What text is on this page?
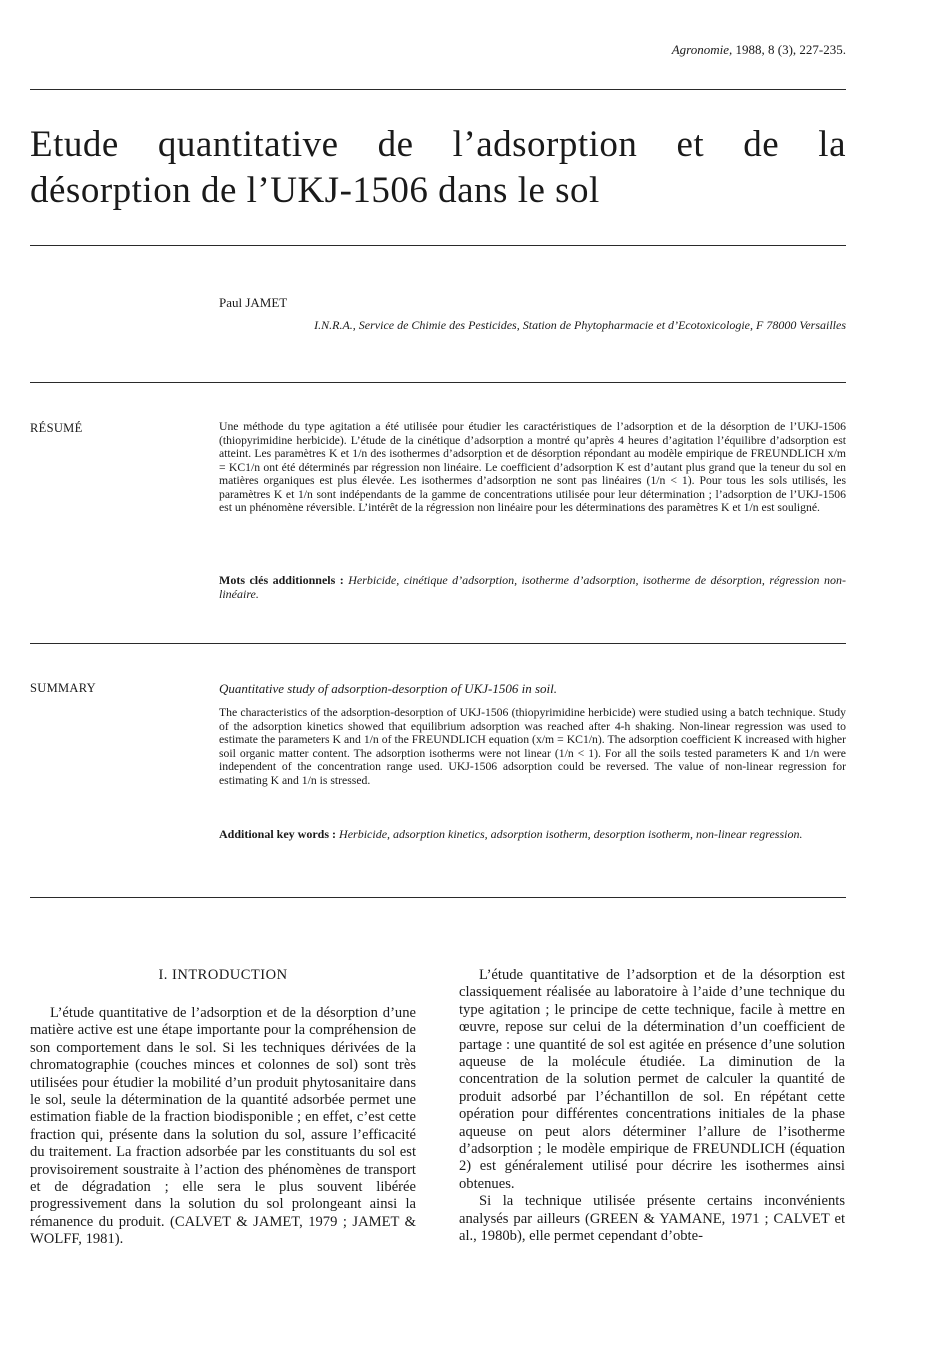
Agronomie, 1988, 8 (3), 227-235.
Etude quantitative de l’adsorption et de la
désorption de l’UKJ-1506 dans le sol
Paul JAMET
I.N.R.A., Service de Chimie des Pesticides, Station de Phytopharmacie et d’Ecotoxicologie, F 78000 Versailles
RÉSUMÉ	Une méthode du type agitation a été utilisée pour étudier les caractéristiques de l’adsorption et de la désorption de l’UKJ-1506 (thiopyrimidine herbicide). L’étude de la cinétique d’adsorption a montré qu’après 4 heures d’agitation l’équilibre d’adsorption est atteint. Les paramètres K et 1/n des isothermes d’adsorption et de désorption répondant au modèle empirique de FREUNDLICH x/m = KC1/n ont été déterminés par régression non linéaire. Le coefficient d’adsorption K est d’autant plus grand que la teneur du sol en matières organiques est plus élevée. Les isothermes d’adsorption ne sont pas linéaires (1/n < 1). Pour tous les sols utilisés, les paramètres K et 1/n sont indépendants de la gamme de concentrations utilisée pour leur détermination ; l’adsorption de l’UKJ-1506 est un phénomène réversible. L’intérêt de la régression non linéaire pour les déterminations des paramètres K et 1/n est souligné.

Mots clés additionnels : Herbicide, cinétique d’adsorption, isotherme d’adsorption, isotherme de désorption, régression non-linéaire.

SUMMARY	Quantitative study of adsorption-desorption of UKJ-1506 in soil.

The characteristics of the adsorption-desorption of UKJ-1506 (thiopyrimidine herbicide) were studied using a batch technique. Study of the adsorption kinetics showed that equilibrium adsorption was reached after 4-h shaking. Non-linear regression was used to estimate the parameters K and 1/n of the FREUNDLICH equation (x/m = KC1/n). The adsorption coefficient K increased with higher soil organic matter content. The adsorption isotherms were not linear (1/n < 1). For all the soils tested parameters K and 1/n were independent of the concentration range used. UKJ-1506 adsorption could be reversed. The value of non-linear regression for estimating K and 1/n is stressed.

Additional key words : Herbicide, adsorption kinetics, adsorption isotherm, desorption isotherm, non-linear regression.

I. INTRODUCTION

L’étude quantitative de l’adsorption et de la désorption d’une matière active est une étape importante pour la compréhension de son comportement dans le sol. Si les techniques dérivées de la chromatographie (couches minces et colonnes de sol) sont très utilisées pour étudier la mobilité d’un produit phytosanitaire dans le sol, seule la détermination de la quantité adsorbée permet une estimation fiable de la fraction biodisponible ; en effet, c’est cette fraction qui, présente dans la solution du sol, assure l’efficacité du traitement. La fraction adsorbée par les constituants du sol est provisoirement soustraite à l’action des phénomènes de transport et de dégradation ; elle sera le plus souvent libérée progressivement dans la solution du sol prolongeant ainsi la rémanence du produit. (CALVET & JAMET, 1979 ; JAMET & WOLFF, 1981).

L’étude quantitative de l’adsorption et de la désorption est classiquement réalisée au laboratoire à l’aide d’une technique du type agitation ; le principe de cette technique, facile à mettre en œuvre, repose sur celui de la détermination d’un coefficient de partage : une quantité de sol est agitée en présence d’une solution aqueuse de la molécule étudiée. La diminution de la concentration de la solution permet de calculer la quantité de produit adsorbé par l’échantillon de sol. En répétant cette opération pour différentes concentrations initiales de la phase aqueuse on peut alors déterminer l’allure de l’isotherme d’adsorption ; le modèle empirique de FREUNDLICH (équation 2) est généralement utilisé pour décrire les isothermes ainsi obtenues.

Si la technique utilisée présente certains inconvénients analysés par ailleurs (GREEN & YAMANE, 1971 ; CALVET et al., 1980b), elle permet cependant d’obte-
